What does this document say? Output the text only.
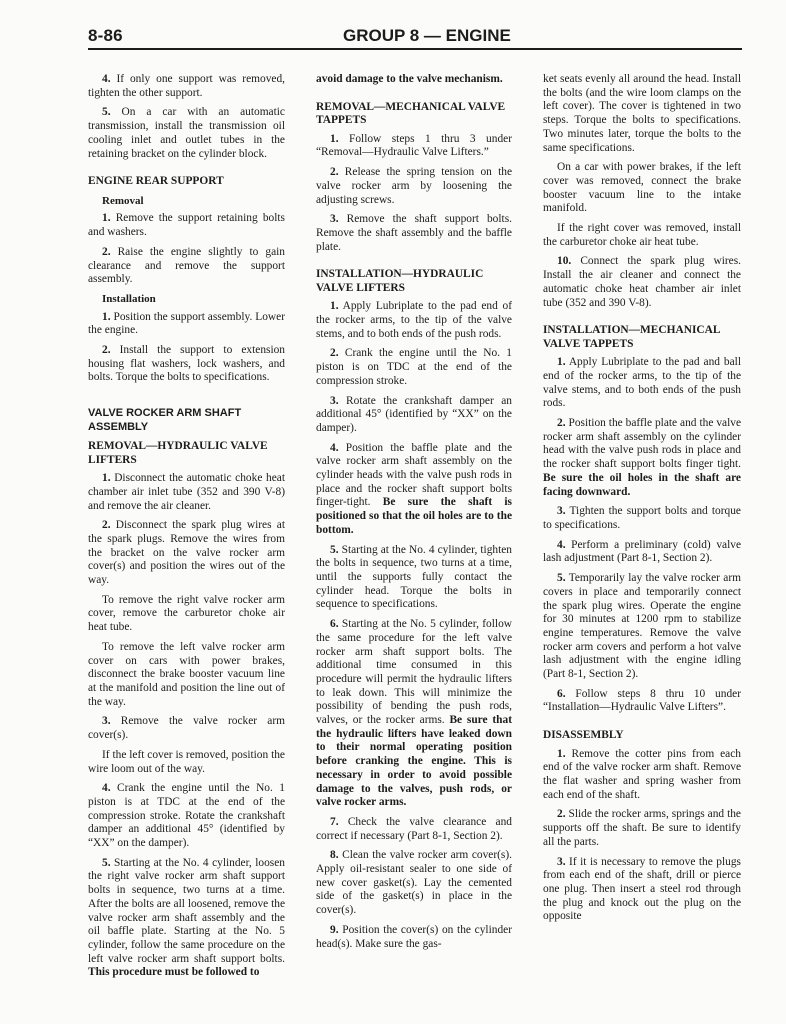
8-86	GROUP 8 — ENGINE

4. If only one support was removed, tighten the other support.

5. On a car with an automatic transmission, install the transmission oil cooling inlet and outlet tubes in the retaining bracket on the cylinder block.

ENGINE REAR SUPPORT
Removal

1. Remove the support retaining bolts and washers.

2. Raise the engine slightly to gain clearance and remove the support assembly.

Installation

1. Position the support assembly. Lower the engine.

2. Install the support to extension housing flat washers, lock washers, and bolts. Torque the bolts to specifications.

VALVE ROCKER ARM SHAFT ASSEMBLY
REMOVAL—HYDRAULIC VALVE LIFTERS

1. Disconnect the automatic choke heat chamber air inlet tube (352 and 390 V-8) and remove the air cleaner.

2. Disconnect the spark plug wires at the spark plugs. Remove the wires from the bracket on the valve rocker arm cover(s) and position the wires out of the way.

To remove the right valve rocker arm cover, remove the carburetor choke air heat tube.

To remove the left valve rocker arm cover on cars with power brakes, disconnect the brake booster vacuum line at the manifold and position the line out of the way.

3. Remove the valve rocker arm cover(s).

If the left cover is removed, position the wire loom out of the way.

4. Crank the engine until the No. 1 piston is at TDC at the end of the compression stroke. Rotate the crankshaft damper an additional 45° (identified by “XX” on the damper).

5. Starting at the No. 4 cylinder, loosen the right valve rocker arm shaft support bolts in sequence, two turns at a time. After the bolts are all loosened, remove the valve rocker arm shaft assembly and the oil baffle plate. Starting at the No. 5 cylinder, follow the same procedure on the left valve rocker arm shaft support bolts. This procedure must be followed to

avoid damage to the valve mechanism.

REMOVAL—MECHANICAL VALVE TAPPETS

1. Follow steps 1 thru 3 under “Removal—Hydraulic Valve Lifters.”

2. Release the spring tension on the valve rocker arm by loosening the adjusting screws.

3. Remove the shaft support bolts. Remove the shaft assembly and the baffle plate.

INSTALLATION—HYDRAULIC VALVE LIFTERS

1. Apply Lubriplate to the pad end of the rocker arms, to the tip of the valve stems, and to both ends of the push rods.

2. Crank the engine until the No. 1 piston is on TDC at the end of the compression stroke.

3. Rotate the crankshaft damper an additional 45° (identified by “XX” on the damper).

4. Position the baffle plate and the valve rocker arm shaft assembly on the cylinder heads with the valve push rods in place and the rocker shaft support bolts finger-tight. Be sure the shaft is positioned so that the oil holes are to the bottom.

5. Starting at the No. 4 cylinder, tighten the bolts in sequence, two turns at a time, until the supports fully contact the cylinder head. Torque the bolts in sequence to specifications.

6. Starting at the No. 5 cylinder, follow the same procedure for the left valve rocker arm shaft support bolts. The additional time consumed in this procedure will permit the hydraulic lifters to leak down. This will minimize the possibility of bending the push rods, valves, or the rocker arms. Be sure that the hydraulic lifters have leaked down to their normal operating position before cranking the engine. This is necessary in order to avoid possible damage to the valves, push rods, or valve rocker arms.

7. Check the valve clearance and correct if necessary (Part 8-1, Section 2).

8. Clean the valve rocker arm cover(s). Apply oil-resistant sealer to one side of new cover gasket(s). Lay the cemented side of the gasket(s) in place in the cover(s).

9. Position the cover(s) on the cylinder head(s). Make sure the gas-

ket seats evenly all around the head. Install the bolts (and the wire loom clamps on the left cover). The cover is tightened in two steps. Torque the bolts to specifications. Two minutes later, torque the bolts to the same specifications.

On a car with power brakes, if the left cover was removed, connect the brake booster vacuum line to the intake manifold.

If the right cover was removed, install the carburetor choke air heat tube.

10. Connect the spark plug wires. Install the air cleaner and connect the automatic choke heat chamber air inlet tube (352 and 390 V-8).

INSTALLATION—MECHANICAL VALVE TAPPETS

1. Apply Lubriplate to the pad and ball end of the rocker arms, to the tip of the valve stems, and to both ends of the push rods.

2. Position the baffle plate and the valve rocker arm shaft assembly on the cylinder head with the valve push rods in place and the rocker shaft support bolts finger tight. Be sure the oil holes in the shaft are facing downward.

3. Tighten the support bolts and torque to specifications.

4. Perform a preliminary (cold) valve lash adjustment (Part 8-1, Section 2).

5. Temporarily lay the valve rocker arm covers in place and temporarily connect the spark plug wires. Operate the engine for 30 minutes at 1200 rpm to stabilize engine temperatures. Remove the valve rocker arm covers and perform a hot valve lash adjustment with the engine idling (Part 8-1, Section 2).

6. Follow steps 8 thru 10 under “Installation—Hydraulic Valve Lifters”.

DISASSEMBLY

1. Remove the cotter pins from each end of the valve rocker arm shaft. Remove the flat washer and spring washer from each end of the shaft.

2. Slide the rocker arms, springs and the supports off the shaft. Be sure to identify all the parts.

3. If it is necessary to remove the plugs from each end of the shaft, drill or pierce one plug. Then insert a steel rod through the plug and knock out the plug on the opposite
